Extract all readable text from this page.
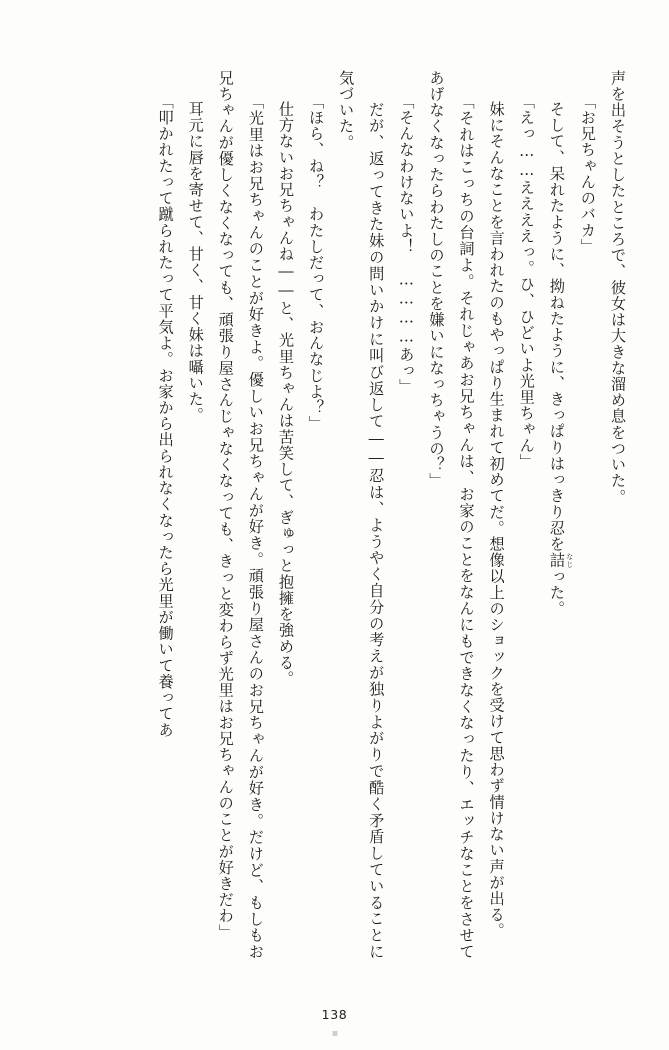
声を出そうとしたところで、彼女は大きな溜め息をついた。

　「お兄ちゃんのバカ」

　そして、呆れたように、拗ねたように、きっぱりはっきり忍を詰 なじった。

　「えっ……ええええっ。ひ、ひどいよ光里ちゃん」

　妹にそんなことを言われたのもやっぱり生まれて初めてだ。想像以上のショックを受けて思わず情けない声が出る。

　「それはこっちの台詞よ。それじゃあお兄ちゃんは、お家のことをなんにもできなくなったり、エッチなことをさせてあげなくなったらわたしのことを嫌いになっちゃうの？」

　「そんなわけないよ！　…………あっ」

　だが、返ってきた妹の問いかけに叫び返して――忍は、ようやく自分の考えが独りよがりで酷く矛盾していることに気づいた。

　「ほら、ね？　わたしだって、おんなじよ？」

　仕方ないお兄ちゃんね――と、光里ちゃんは苦笑して、ぎゅっと抱擁を強める。

　「光里はお兄ちゃんのことが好きよ。優しいお兄ちゃんが好き。頑張り屋さんのお兄ちゃんが好き。だけど、もしもお兄ちゃんが優しくなくなっても、頑張り屋さんじゃなくなっても、きっと変わらず光里はお兄ちゃんのことが好きだわ」

　耳元に唇を寄せて、甘く、甘く妹は囁いた。

　「叩かれたって蹴られたって平気よ。お家から出られなくなったら光里が働いて養ってあ

138
